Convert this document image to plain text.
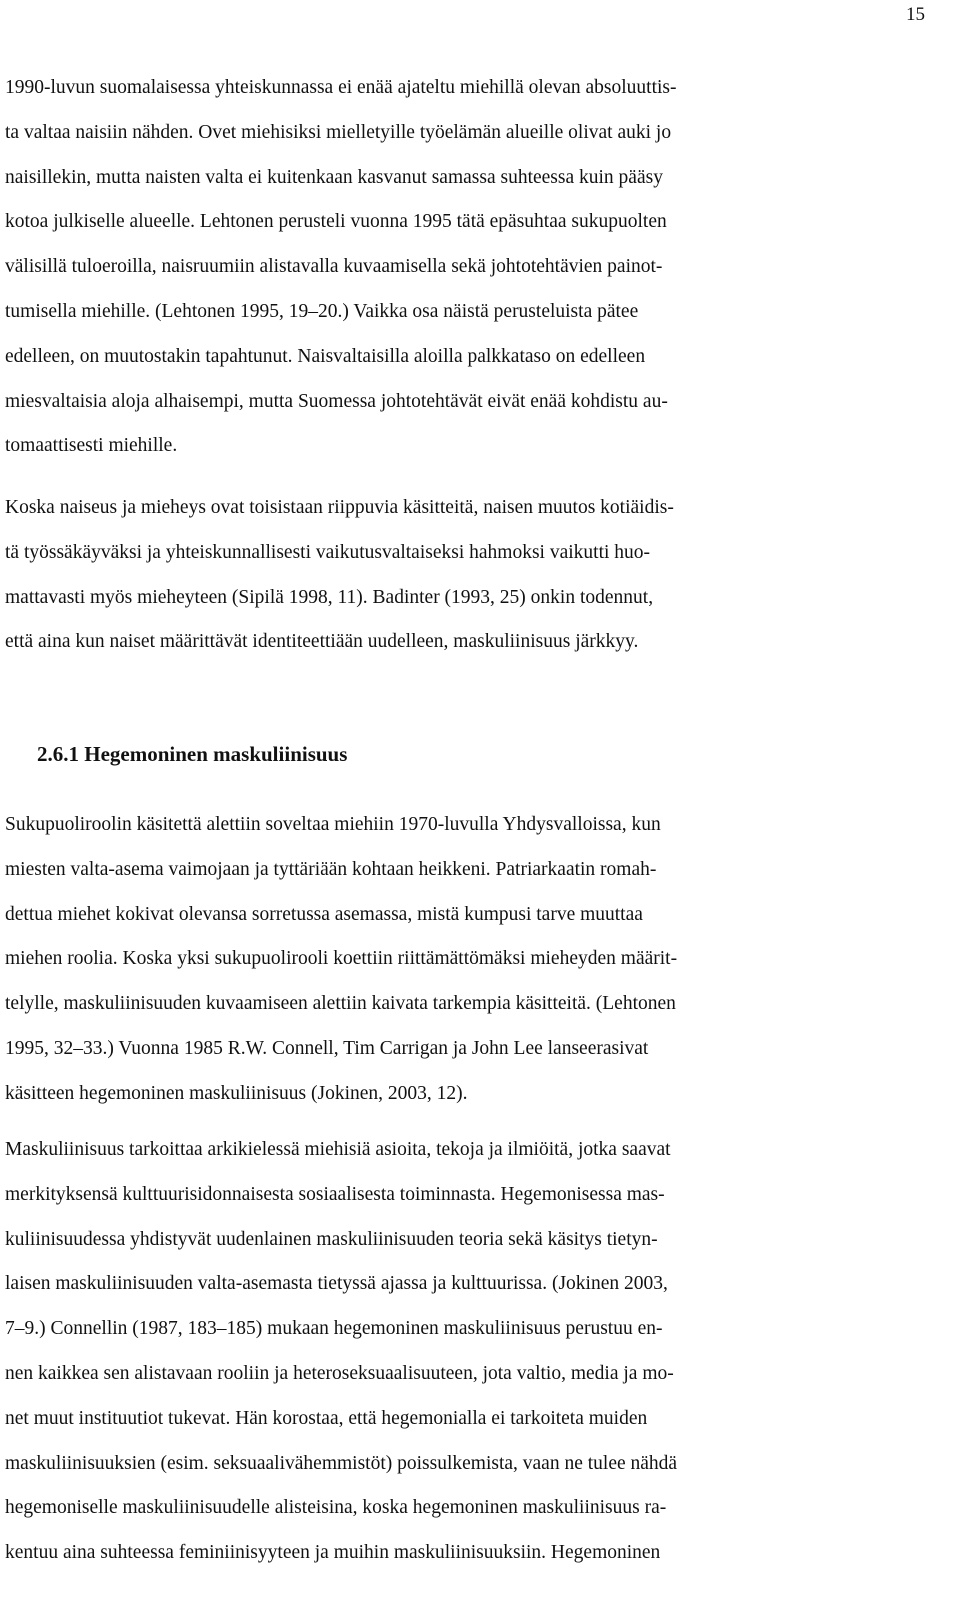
15
1990-luvun suomalaisessa yhteiskunnassa ei enää ajateltu miehillä olevan absoluuttis-
ta valtaa naisiin nähden. Ovet miehisiksi mielletyille työelämän alueille olivat auki jo
naisillekin, mutta naisten valta ei kuitenkaan kasvanut samassa suhteessa kuin pääsy
kotoa julkiselle alueelle. Lehtonen perusteli vuonna 1995 tätä epäsuhtaa sukupuolten
välisillä tuloeroilla, naisruumiin alistavalla kuvaamisella sekä johtotehtävien painot-
tumisella miehille. (Lehtonen 1995, 19–20.) Vaikka osa näistä perusteluista pätee
edelleen, on muutostakin tapahtunut. Naisvaltaisilla aloilla palkkataso on edelleen
miesvaltaisia aloja alhaisempi, mutta Suomessa johtotehtävät eivät enää kohdistu au-
tomaattisesti miehille.
Koska naiseus ja mieheys ovat toisistaan riippuvia käsitteitä, naisen muutos kotiäidis-
tä työssäkäyväksi ja yhteiskunnallisesti vaikutusvaltaiseksi hahmoksi vaikutti huo-
mattavasti myös mieheyteen (Sipilä 1998, 11). Badinter (1993, 25) onkin todennut,
että aina kun naiset määrittävät identiteettiään uudelleen, maskuliinisuus järkkyy.
2.6.1 Hegemoninen maskuliinisuus
Sukupuoliroolin käsitettä alettiin soveltaa miehiin 1970-luvulla Yhdysvalloissa, kun
miesten valta-asema vaimojaan ja tyttäriään kohtaan heikkeni. Patriarkaatin romah-
dettua miehet kokivat olevansa sorretussa asemassa, mistä kumpusi tarve muuttaa
miehen roolia. Koska yksi sukupuolirooli koettiin riittämättömäksi mieheyden määrit-
telylle, maskuliinisuuden kuvaamiseen alettiin kaivata tarkempia käsitteitä. (Lehtonen
1995, 32–33.) Vuonna 1985 R.W. Connell, Tim Carrigan ja John Lee lanseerasivat
käsitteen hegemoninen maskuliinisuus (Jokinen, 2003, 12).
Maskuliinisuus tarkoittaa arkikielessä miehisiä asioita, tekoja ja ilmiöitä, jotka saavat
merkityksensä kulttuurisidonnaisesta sosiaalisesta toiminnasta. Hegemonisessa mas-
kuliinisuudessa yhdistyvät uudenlainen maskuliinisuuden teoria sekä käsitys tietyn-
laisen maskuliinisuuden valta-asemasta tietyssä ajassa ja kulttuurissa. (Jokinen 2003,
7–9.) Connellin (1987, 183–185) mukaan hegemoninen maskuliinisuus perustuu en-
nen kaikkea sen alistavaan rooliin ja heteroseksuaalisuuteen, jota valtio, media ja mo-
net muut instituutiot tukevat. Hän korostaa, että hegemonialla ei tarkoiteta muiden
maskuliinisuuksien (esim. seksuaalivähemmistöt) poissulkemista, vaan ne tulee nähdä
hegemoniselle maskuliinisuudelle alisteisina, koska hegemoninen maskuliinisuus ra-
kentuu aina suhteessa feminiinisyyteen ja muihin maskuliinisuuksiin. Hegemoninen
